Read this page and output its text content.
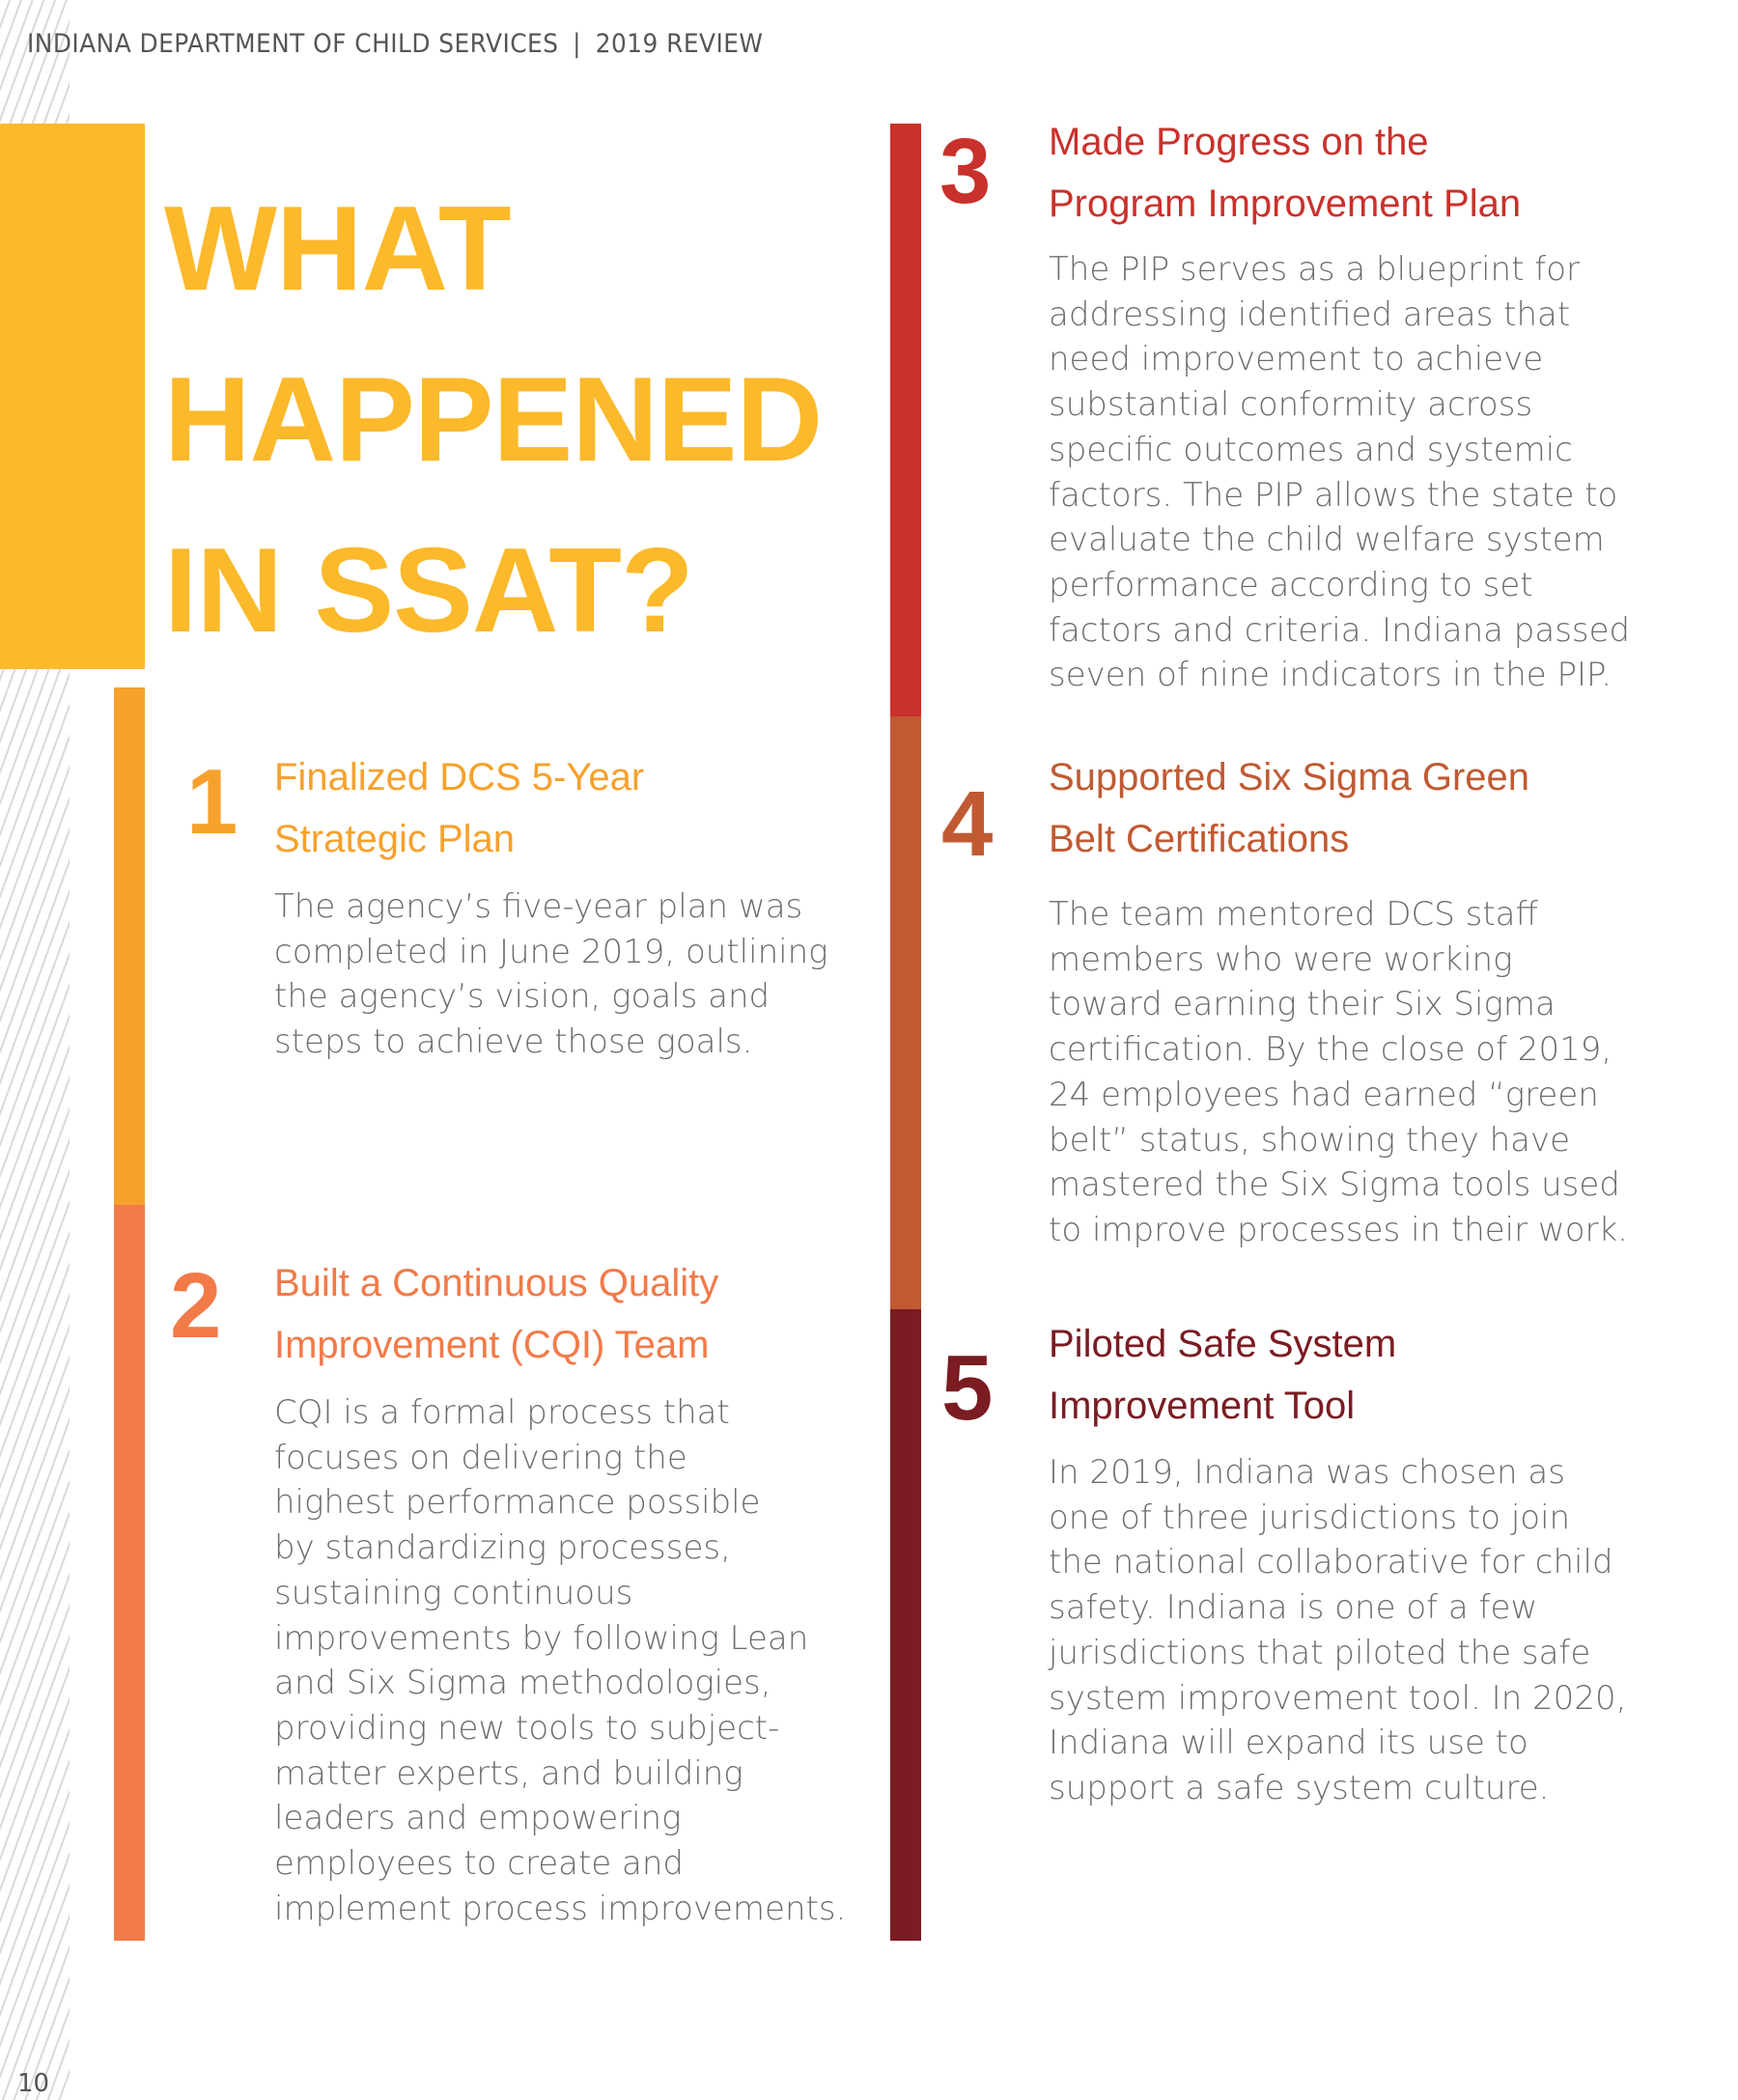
INDIANA DEPARTMENT OF CHILD SERVICES | 2019 REVIEW
WHAT
HAPPENED
IN SSAT?
1 Finalized DCS 5-Year
Strategic Plan
The agency’s five-year plan was
completed in June 2019, outlining
the agency’s vision, goals and
steps to achieve those goals.
2 Built a Continuous Quality
Improvement (CQI) Team
CQI is a formal process that
focuses on delivering the
highest performance possible
by standardizing processes,
sustaining continuous
improvements by following Lean
and Six Sigma methodologies,
providing new tools to subject-
matter experts, and building
leaders and empowering
employees to create and
implement process improvements.
3 Made Progress on the
Program Improvement Plan
The PIP serves as a blueprint for
addressing identified areas that
need improvement to achieve
substantial conformity across
specific outcomes and systemic
factors. The PIP allows the state to
evaluate the child welfare system
performance according to set
factors and criteria. Indiana passed
seven of nine indicators in the PIP.
4 Supported Six Sigma Green
Belt Certifications
The team mentored DCS staff
members who were working
toward earning their Six Sigma
certification. By the close of 2019,
24 employees had earned “green
belt” status, showing they have
mastered the Six Sigma tools used
to improve processes in their work.
5 Piloted Safe System
Improvement Tool
In 2019, Indiana was chosen as
one of three jurisdictions to join
the national collaborative for child
safety. Indiana is one of a few
jurisdictions that piloted the safe
system improvement tool. In 2020,
Indiana will expand its use to
support a safe system culture.
10
